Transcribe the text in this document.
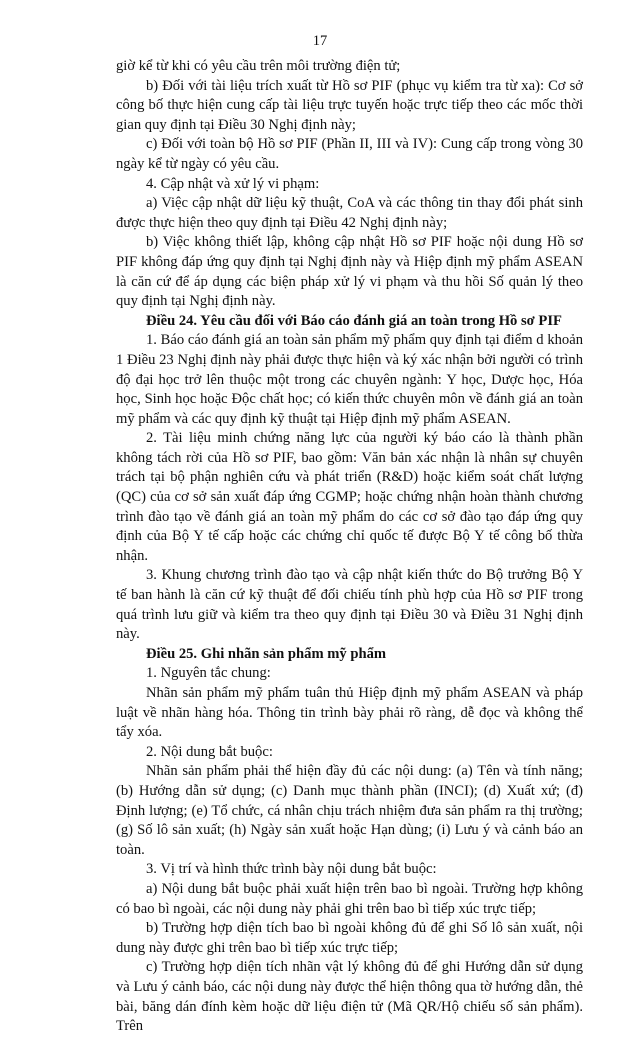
17

giờ kể từ khi có yêu cầu trên môi trường điện tử;

b) Đối với tài liệu trích xuất từ Hồ sơ PIF (phục vụ kiểm tra từ xa): Cơ sở công bố thực hiện cung cấp tài liệu trực tuyến hoặc trực tiếp theo các mốc thời gian quy định tại Điều 30 Nghị định này;

c) Đối với toàn bộ Hồ sơ PIF (Phần II, III và IV): Cung cấp trong vòng 30 ngày kể từ ngày có yêu cầu.

4. Cập nhật và xử lý vi phạm:

a) Việc cập nhật dữ liệu kỹ thuật, CoA và các thông tin thay đổi phát sinh được thực hiện theo quy định tại Điều 42 Nghị định này;

b) Việc không thiết lập, không cập nhật Hồ sơ PIF hoặc nội dung Hồ sơ PIF không đáp ứng quy định tại Nghị định này và Hiệp định mỹ phẩm ASEAN là căn cứ để áp dụng các biện pháp xử lý vi phạm và thu hồi Số quản lý theo quy định tại Nghị định này.

Điều 24. Yêu cầu đối với Báo cáo đánh giá an toàn trong Hồ sơ PIF

1. Báo cáo đánh giá an toàn sản phẩm mỹ phẩm quy định tại điểm d khoản 1 Điều 23 Nghị định này phải được thực hiện và ký xác nhận bởi người có trình độ đại học trở lên thuộc một trong các chuyên ngành: Y học, Dược học, Hóa học, Sinh học hoặc Độc chất học; có kiến thức chuyên môn về đánh giá an toàn mỹ phẩm và các quy định kỹ thuật tại Hiệp định mỹ phẩm ASEAN.

2. Tài liệu minh chứng năng lực của người ký báo cáo là thành phần không tách rời của Hồ sơ PIF, bao gồm: Văn bản xác nhận là nhân sự chuyên trách tại bộ phận nghiên cứu và phát triển (R&D) hoặc kiểm soát chất lượng (QC) của cơ sở sản xuất đáp ứng CGMP; hoặc chứng nhận hoàn thành chương trình đào tạo về đánh giá an toàn mỹ phẩm do các cơ sở đào tạo đáp ứng quy định của Bộ Y tế cấp hoặc các chứng chỉ quốc tế được Bộ Y tế công bố thừa nhận.

3. Khung chương trình đào tạo và cập nhật kiến thức do Bộ trưởng Bộ Y tế ban hành là căn cứ kỹ thuật để đối chiếu tính phù hợp của Hồ sơ PIF trong quá trình lưu giữ và kiểm tra theo quy định tại Điều 30 và Điều 31 Nghị định này.

Điều 25. Ghi nhãn sản phẩm mỹ phẩm

1. Nguyên tắc chung:

Nhãn sản phẩm mỹ phẩm tuân thủ Hiệp định mỹ phẩm ASEAN và pháp luật về nhãn hàng hóa. Thông tin trình bày phải rõ ràng, dễ đọc và không thể tẩy xóa.

2. Nội dung bắt buộc:

Nhãn sản phẩm phải thể hiện đầy đủ các nội dung: (a) Tên và tính năng; (b) Hướng dẫn sử dụng; (c) Danh mục thành phần (INCI); (d) Xuất xứ; (đ) Định lượng; (e) Tổ chức, cá nhân chịu trách nhiệm đưa sản phẩm ra thị trường; (g) Số lô sản xuất; (h) Ngày sản xuất hoặc Hạn dùng; (i) Lưu ý và cảnh báo an toàn.

3. Vị trí và hình thức trình bày nội dung bắt buộc:

a) Nội dung bắt buộc phải xuất hiện trên bao bì ngoài. Trường hợp không có bao bì ngoài, các nội dung này phải ghi trên bao bì tiếp xúc trực tiếp;

b) Trường hợp diện tích bao bì ngoài không đủ để ghi Số lô sản xuất, nội dung này được ghi trên bao bì tiếp xúc trực tiếp;

c) Trường hợp diện tích nhãn vật lý không đủ để ghi Hướng dẫn sử dụng và Lưu ý cảnh báo, các nội dung này được thể hiện thông qua tờ hướng dẫn, thẻ bài, băng dán đính kèm hoặc dữ liệu điện tử (Mã QR/Hộ chiếu số sản phẩm). Trên
